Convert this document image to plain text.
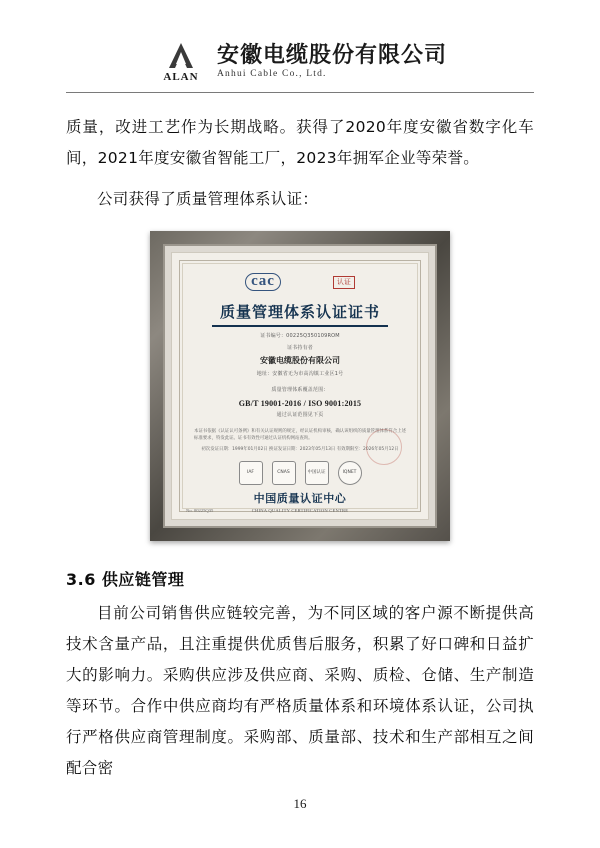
ALAN
安徽电缆股份有限公司
Anhui Cable Co., Ltd.

质量，改进工艺作为长期战略。获得了2020年度安徽省数字化车间，2021年度安徽省智能工厂，2023年拥军企业等荣誉。

公司获得了质量管理体系认证：

cac	认证
质量管理体系认证证书
证书编号：00225Q350109ROM
证书持有者
安徽电缆股份有限公司
地址：安徽省无为市高沟镇工业区1号
质量管理体系覆盖范围：
GB/T 19001-2016 / ISO 9001:2015
通过认证范围见下页
本证书依据《认证认可条例》和有关认证规则的规定，经认证机构审核，确认该组织的质量管理体系符合上述标准要求，特发此证。证书有效性可通过认证机构网站查询。
初次发证日期：1999年01月02日 换证发证日期：2023年05月13日 有效期限至：2026年05月12日
IAF	CNAS	中国认证	IQNET
中国质量认证中心
CHINA QUALITY CERTIFICATION CENTRE
No. 00225Q35
3.6 供应链管理

目前公司销售供应链较完善，为不同区域的客户源不断提供高技术含量产品，且注重提供优质售后服务，积累了好口碑和日益扩大的影响力。采购供应涉及供应商、采购、质检、仓储、生产制造等环节。合作中供应商均有严格质量体系和环境体系认证，公司执行严格供应商管理制度。采购部、质量部、技术和生产部相互之间配合密

16
